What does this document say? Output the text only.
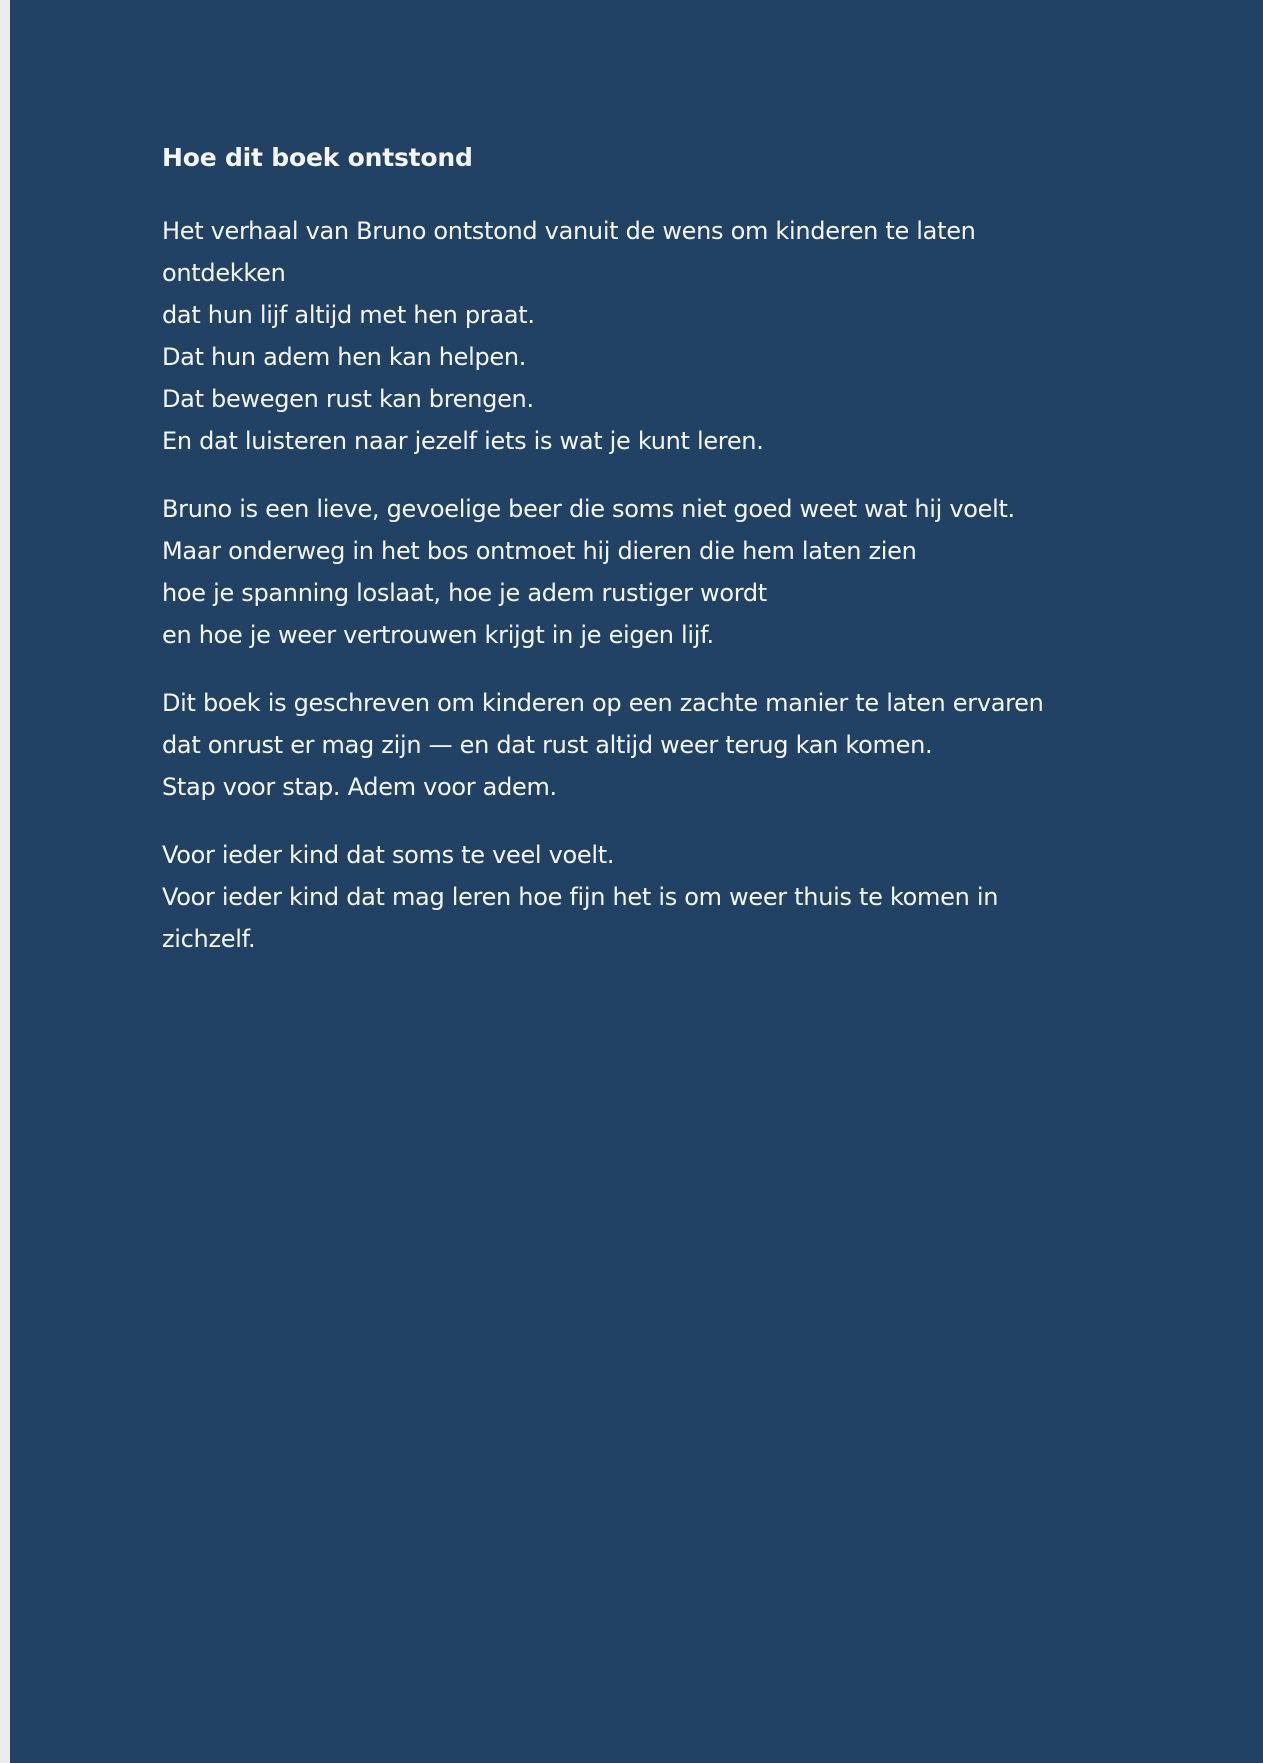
Hoe dit boek ontstond
Het verhaal van Bruno ontstond vanuit de wens om kinderen te laten
ontdekken
dat hun lijf altijd met hen praat.
Dat hun adem hen kan helpen.
Dat bewegen rust kan brengen.
En dat luisteren naar jezelf iets is wat je kunt leren.
Bruno is een lieve, gevoelige beer die soms niet goed weet wat hij voelt.
Maar onderweg in het bos ontmoet hij dieren die hem laten zien
hoe je spanning loslaat, hoe je adem rustiger wordt
en hoe je weer vertrouwen krijgt in je eigen lijf.
Dit boek is geschreven om kinderen op een zachte manier te laten ervaren
dat onrust er mag zijn — en dat rust altijd weer terug kan komen.
Stap voor stap. Adem voor adem.
Voor ieder kind dat soms te veel voelt.
Voor ieder kind dat mag leren hoe fijn het is om weer thuis te komen in
zichzelf.
